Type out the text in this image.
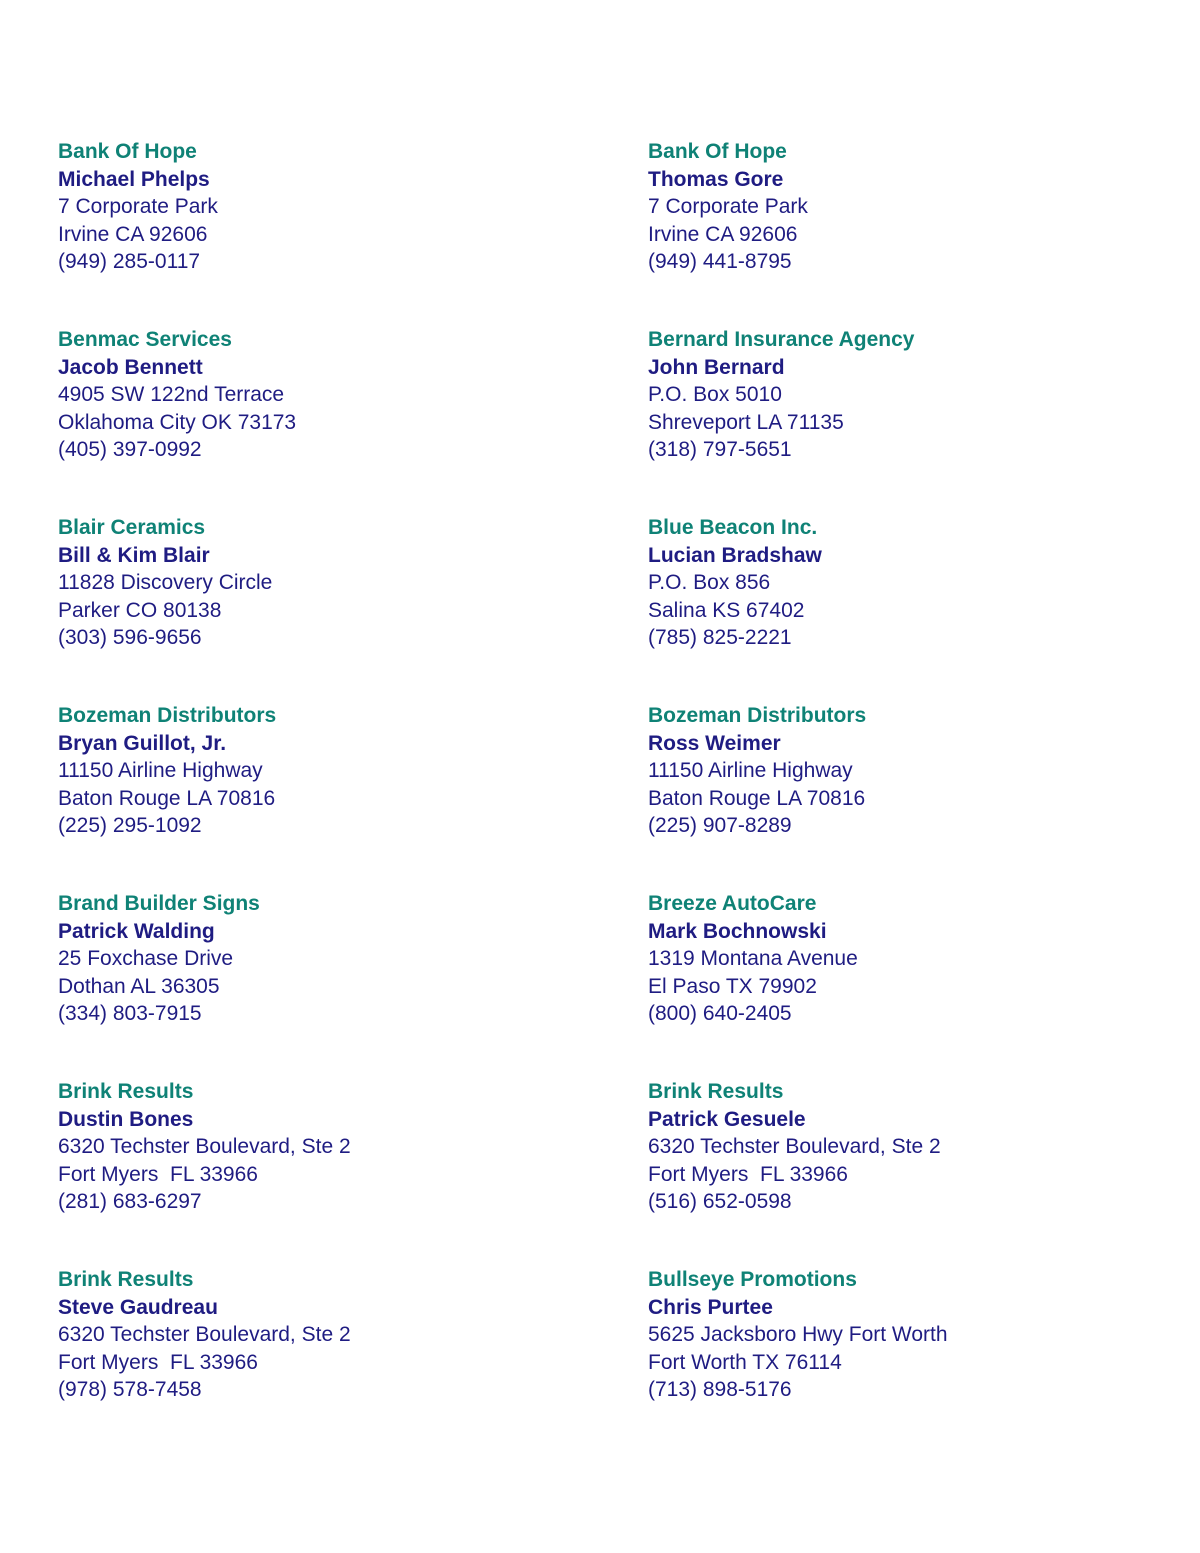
Bank Of Hope
Michael Phelps
7 Corporate Park
Irvine CA 92606
(949) 285-0117
Bank Of Hope
Thomas Gore
7 Corporate Park
Irvine CA 92606
(949) 441-8795
Benmac Services
Jacob Bennett
4905 SW 122nd Terrace
Oklahoma City OK 73173
(405) 397-0992
Bernard Insurance Agency
John Bernard
P.O. Box 5010
Shreveport LA 71135
(318) 797-5651
Blair Ceramics
Bill & Kim Blair
11828 Discovery Circle
Parker CO 80138
(303) 596-9656
Blue Beacon Inc.
Lucian Bradshaw
P.O. Box 856
Salina KS 67402
(785) 825-2221
Bozeman Distributors
Bryan Guillot, Jr.
11150 Airline Highway
Baton Rouge LA 70816
(225) 295-1092
Bozeman Distributors
Ross Weimer
11150 Airline Highway
Baton Rouge LA 70816
(225) 907-8289
Brand Builder Signs
Patrick Walding
25 Foxchase Drive
Dothan AL 36305
(334) 803-7915
Breeze AutoCare
Mark Bochnowski
1319 Montana Avenue
El Paso TX 79902
(800) 640-2405
Brink Results
Dustin Bones
6320 Techster Boulevard, Ste 2
Fort Myers  FL 33966
(281) 683-6297
Brink Results
Patrick Gesuele
6320 Techster Boulevard, Ste 2
Fort Myers  FL 33966
(516) 652-0598
Brink Results
Steve Gaudreau
6320 Techster Boulevard, Ste 2
Fort Myers  FL 33966
(978) 578-7458
Bullseye Promotions
Chris Purtee
5625 Jacksboro Hwy Fort Worth
Fort Worth TX 76114
(713) 898-5176
